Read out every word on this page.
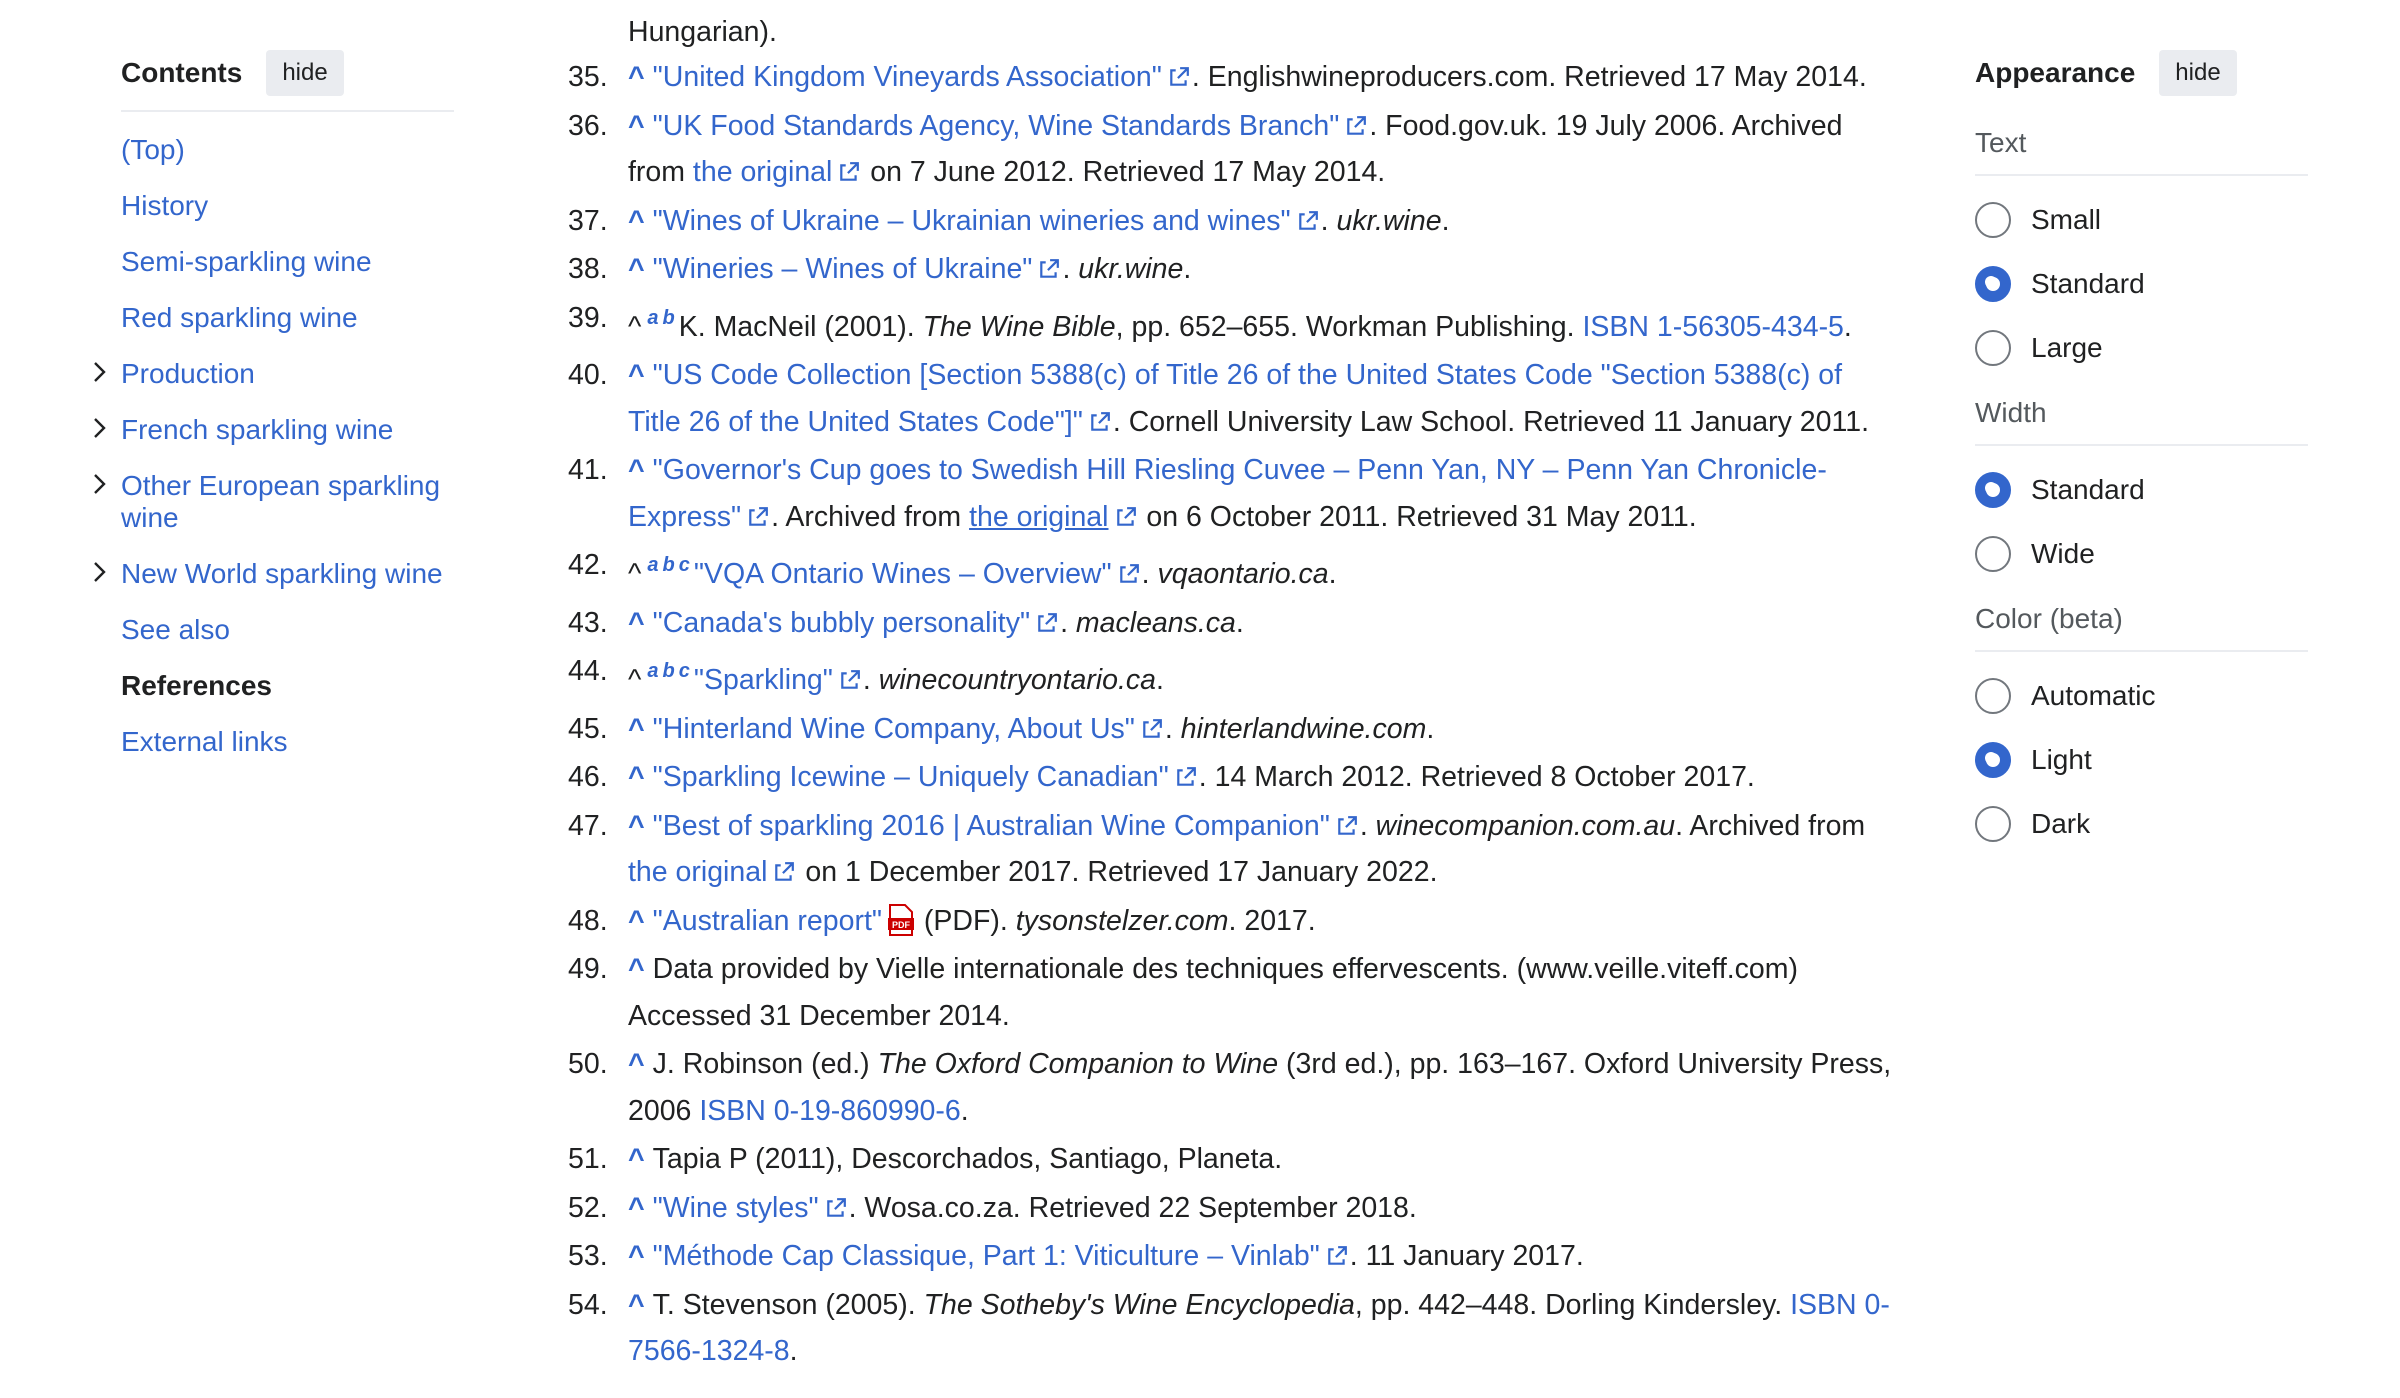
Contents	hide
(Top)
History
Semi-sparkling wine
Red sparkling wine
Production
French sparkling wine
Other European sparkling wine
New World sparkling wine
See also
References
External links
Hungarian).
35. ^ "United Kingdom Vineyards Association" . Englishwineproducers.com. Retrieved 17 May 2014.
36. ^ "UK Food Standards Agency, Wine Standards Branch" . Food.gov.uk. 19 July 2006. Archived from the original on 7 June 2012. Retrieved 17 May 2014.
37. ^ "Wines of Ukraine – Ukrainian wineries and wines" . ukr.wine.
38. ^ "Wineries – Wines of Ukraine" . ukr.wine.
39. ^ $^a$ $^b$ K. MacNeil (2001). The Wine Bible, pp. 652–655. Workman Publishing. ISBN 1-56305-434-5.
40. ^ "US Code Collection [Section 5388(c) of Title 26 of the United States Code "Section 5388(c) of Title 26 of the United States Code"]" . Cornell University Law School. Retrieved 11 January 2011.
41. ^ "Governor's Cup goes to Swedish Hill Riesling Cuvee – Penn Yan, NY – Penn Yan Chronicle-Express" . Archived from the original on 6 October 2011. Retrieved 31 May 2011.
42. ^ $^a$ $^b$ $^c$ "VQA Ontario Wines – Overview" . vqaontario.ca.
43. ^ "Canada's bubbly personality" . macleans.ca.
44. ^ $^a$ $^b$ $^c$ "Sparkling" . winecountryontario.ca.
45. ^ "Hinterland Wine Company, About Us" . hinterlandwine.com.
46. ^ "Sparkling Icewine – Uniquely Canadian" . 14 March 2012. Retrieved 8 October 2017.
47. ^ "Best of sparkling 2016 | Australian Wine Companion" . winecompanion.com.au. Archived from the original on 1 December 2017. Retrieved 17 January 2022.
48. ^ "Australian report" PDF (PDF). tysonstelzer.com. 2017.
49. ^ Data provided by Vielle internationale des techniques effervescents. (www.veille.viteff.com) Accessed 31 December 2014.
50. ^ J. Robinson (ed.) The Oxford Companion to Wine (3rd ed.), pp. 163–167. Oxford University Press, 2006 ISBN 0-19-860990-6.
51. ^ Tapia P (2011), Descorchados, Santiago, Planeta.
52. ^ "Wine styles" . Wosa.co.za. Retrieved 22 September 2018.
53. ^ "Méthode Cap Classique, Part 1: Viticulture – Vinlab" . 11 January 2017.
54. ^ T. Stevenson (2005). The Sotheby's Wine Encyclopedia, pp. 442–448. Dorling Kindersley. ISBN 0-7566-1324-8.
Appearance	hide
Text
Small
Standard
Large
Width
Standard
Wide
Color (beta)
Automatic
Light
Dark
